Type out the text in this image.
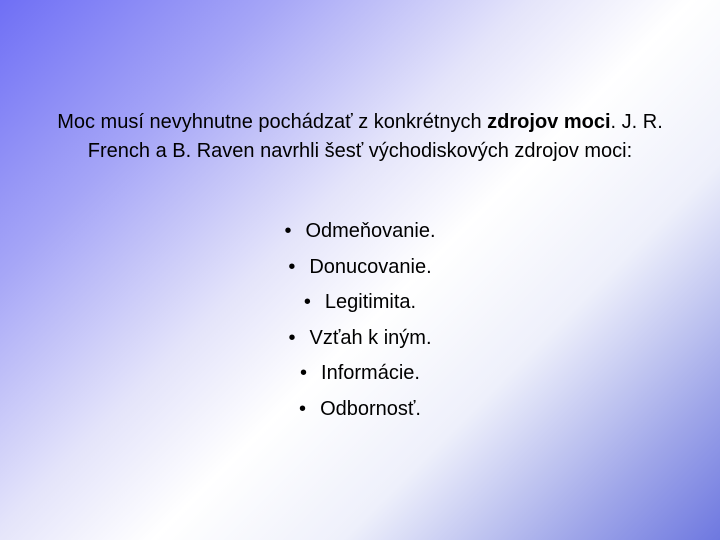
Moc musí nevyhnutne pochádzať z konkrétnych zdrojov moci. J. R. French a B. Raven navrhli šesť východiskových zdrojov moci:

• Odmeňovanie.
• Donucovanie.
• Legitimita.
• Vzťah k iným.
• Informácie.
• Odbornosť.
